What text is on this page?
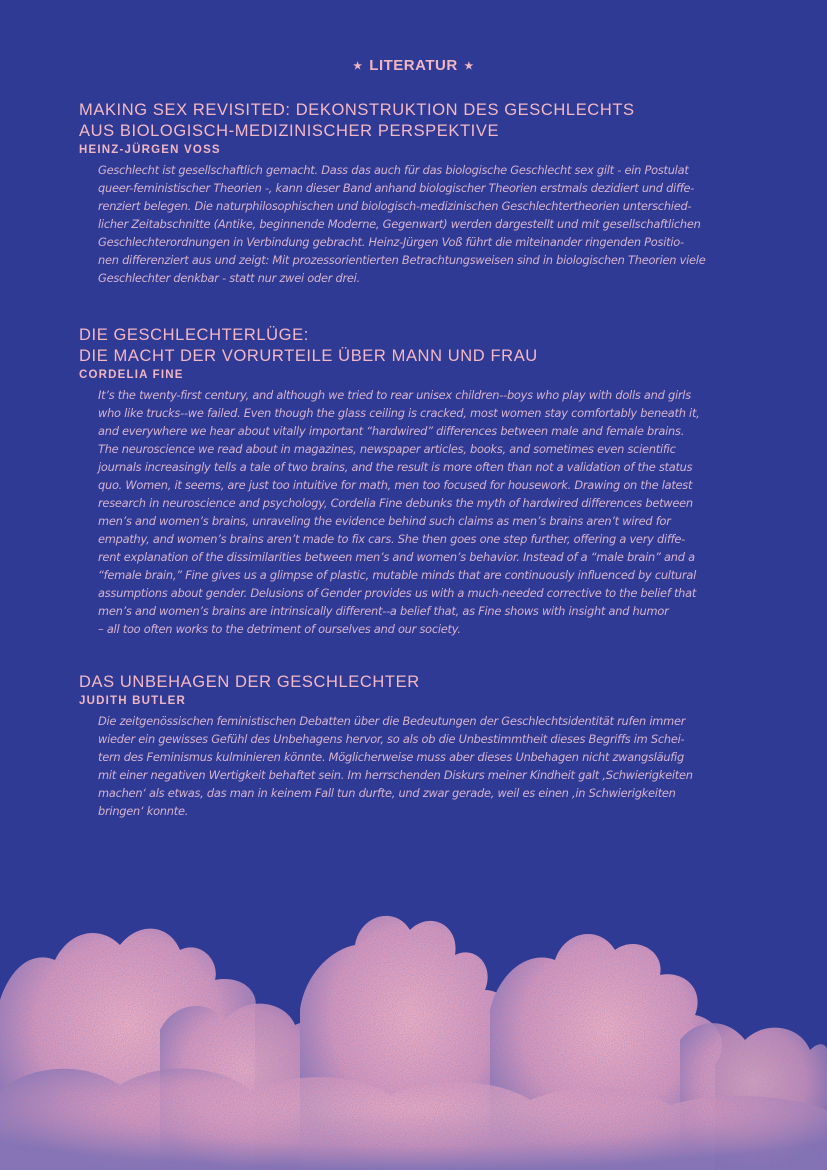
★ LITERATUR ★
MAKING SEX REVISITED: DEKONSTRUKTION DES GESCHLECHTS
AUS BIOLOGISCH-MEDIZINISCHER PERSPEKTIVE
HEINZ-JÜRGEN VOSS
Geschlecht ist gesellschaftlich gemacht. Dass das auch für das biologische Geschlecht sex gilt - ein Postulat
queer-feministischer Theorien -, kann dieser Band anhand biologischer Theorien erstmals dezidiert und diffe-
renziert belegen. Die naturphilosophischen und biologisch-medizinischen Geschlechtertheorien unterschied-
licher Zeitabschnitte (Antike, beginnende Moderne, Gegenwart) werden dargestellt und mit gesellschaftlichen
Geschlechterordnungen in Verbindung gebracht. Heinz-Jürgen Voß führt die miteinander ringenden Positio-
nen differenziert aus und zeigt: Mit prozessorientierten Betrachtungsweisen sind in biologischen Theorien viele
Geschlechter denkbar - statt nur zwei oder drei.
DIE GESCHLECHTERLÜGE:
DIE MACHT DER VORURTEILE ÜBER MANN UND FRAU
CORDELIA FINE
It’s the twenty-first century, and although we tried to rear unisex children--boys who play with dolls and girls
who like trucks--we failed. Even though the glass ceiling is cracked, most women stay comfortably beneath it,
and everywhere we hear about vitally important “hardwired” differences between male and female brains.
The neuroscience we read about in magazines, newspaper articles, books, and sometimes even scientific
journals increasingly tells a tale of two brains, and the result is more often than not a validation of the status
quo. Women, it seems, are just too intuitive for math, men too focused for housework. Drawing on the latest
research in neuroscience and psychology, Cordelia Fine debunks the myth of hardwired differences between
men’s and women’s brains, unraveling the evidence behind such claims as men’s brains aren’t wired for
empathy, and women’s brains aren’t made to fix cars. She then goes one step further, offering a very diffe-
rent explanation of the dissimilarities between men’s and women’s behavior. Instead of a “male brain” and a
“female brain,” Fine gives us a glimpse of plastic, mutable minds that are continuously influenced by cultural
assumptions about gender. Delusions of Gender provides us with a much-needed corrective to the belief that
men’s and women’s brains are intrinsically different--a belief that, as Fine shows with insight and humor
– all too often works to the detriment of ourselves and our society.
DAS UNBEHAGEN DER GESCHLECHTER
JUDITH BUTLER
Die zeitgenössischen feministischen Debatten über die Bedeutungen der Geschlechtsidentität rufen immer
wieder ein gewisses Gefühl des Unbehagens hervor, so als ob die Unbestimmtheit dieses Begriffs im Schei-
tern des Feminismus kulminieren könnte. Möglicherweise muss aber dieses Unbehagen nicht zwangsläufig
mit einer negativen Wertigkeit behaftet sein. Im herrschenden Diskurs meiner Kindheit galt ‚Schwierigkeiten
machen‘ als etwas, das man in keinem Fall tun durfte, und zwar gerade, weil es einen ‚in Schwierigkeiten
bringen‘ konnte.
